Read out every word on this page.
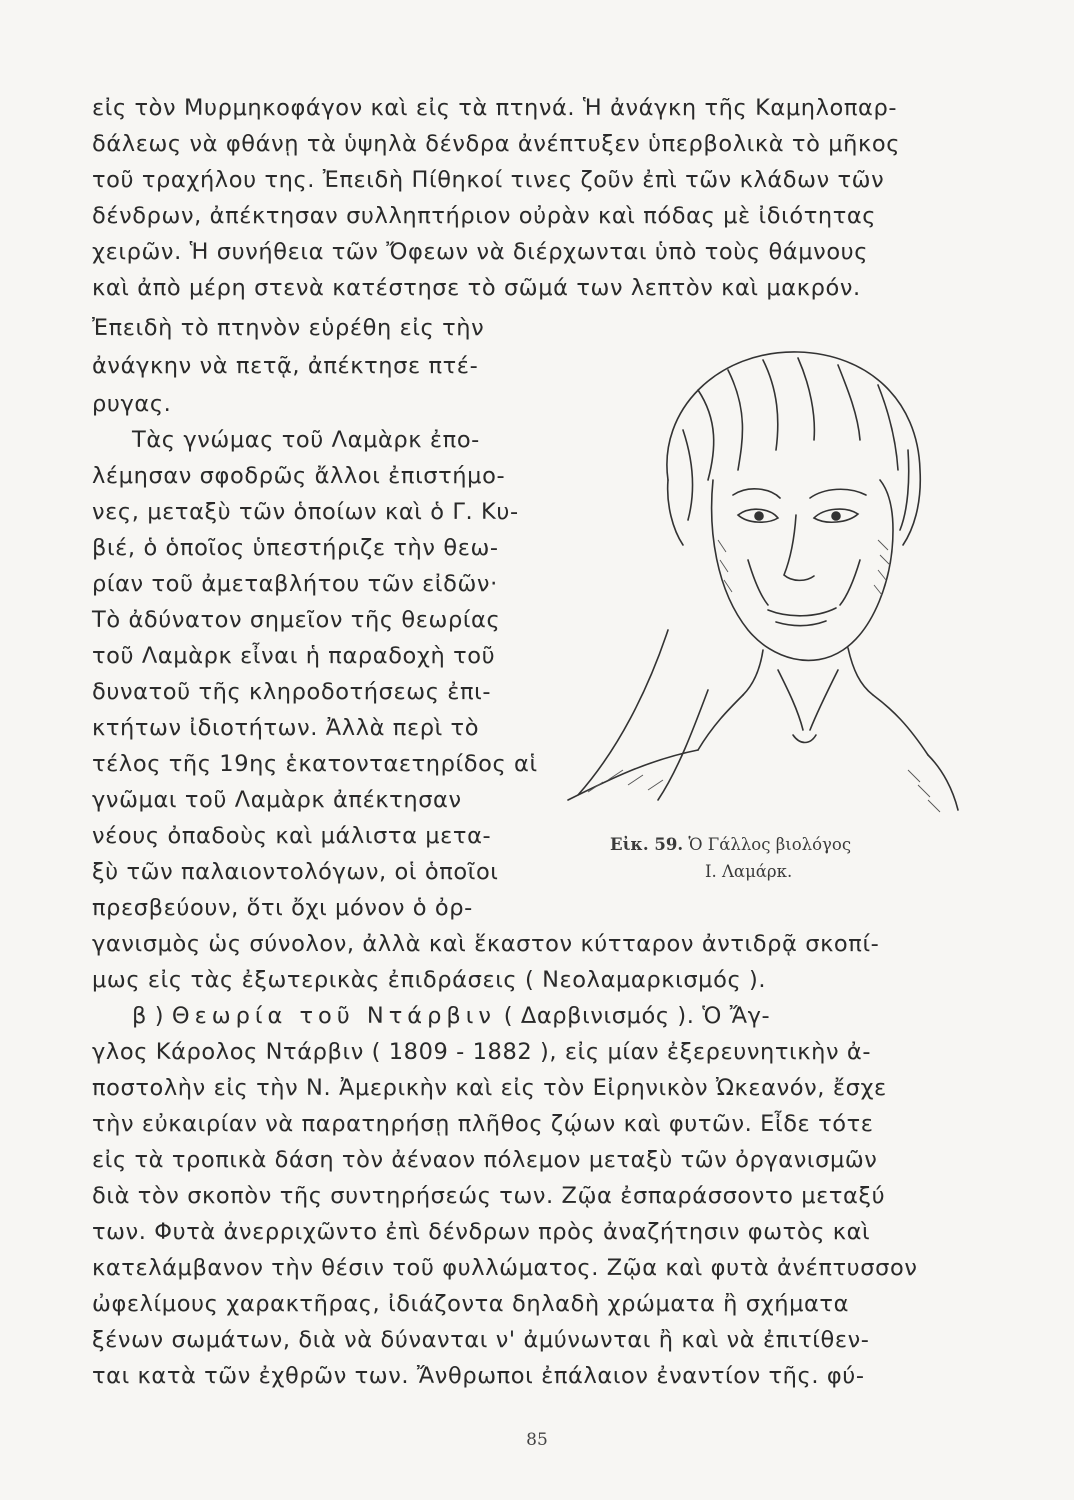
εἰς τὸν Μυρμηκοφάγον καὶ εἰς τὰ πτηνά. Ἡ ἀνάγκη τῆς Καμηλοπαρ-
δάλεως νὰ φθάνῃ τὰ ὑψηλὰ δένδρα ἀνέπτυξεν ὑπερβολικὰ τὸ μῆκος
τοῦ τραχήλου της. Ἐπειδὴ Πίθηκοί τινες ζοῦν ἐπὶ τῶν κλάδων τῶν
δένδρων, ἀπέκτησαν συλληπτήριον οὐρὰν καὶ πόδας μὲ ἰδιότητας
χειρῶν. Ἡ συνήθεια τῶν Ὄφεων νὰ διέρχωνται ὑπὸ τοὺς θάμνους
καὶ ἀπὸ μέρη στενὰ κατέστησε τὸ σῶμά των λεπτὸν καὶ μακρόν.
Ἐπειδὴ τὸ πτηνὸν εὑρέθη εἰς τὴν
ἀνάγκην νὰ πετᾷ, ἀπέκτησε πτέ-
ρυγας.
Τὰς γνώμας τοῦ Λαμὰρκ ἐπο-
λέμησαν σφοδρῶς ἄλλοι ἐπιστήμο-
νες, μεταξὺ τῶν ὁποίων καὶ ὁ Γ. Κυ-
βιέ, ὁ ὁποῖος ὑπεστήριζε τὴν θεω-
ρίαν τοῦ ἀμεταβλήτου τῶν εἰδῶν·
Τὸ ἀδύνατον σημεῖον τῆς θεωρίας
τοῦ Λαμὰρκ εἶναι ἡ παραδοχὴ τοῦ
δυνατοῦ τῆς κληροδοτήσεως ἐπι-
κτήτων ἰδιοτήτων. Ἀλλὰ περὶ τὸ
τέλος τῆς 19ης ἑκατονταετηρίδος αἱ
γνῶμαι τοῦ Λαμὰρκ ἀπέκτησαν
νέους ὀπαδοὺς καὶ μάλιστα μετα-
ξὺ τῶν παλαιοντολόγων, οἱ ὁποῖοι
πρεσβεύουν, ὅτι ὄχι μόνον ὁ ὀρ-
Εἰκ. 59. Ὁ Γάλλος βιολόγος
Ι. Λαμάρκ.
γανισμὸς ὡς σύνολον, ἀλλὰ καὶ ἕκαστον κύτταρον ἀντιδρᾷ σκοπί-
μως εἰς τὰς ἐξωτερικὰς ἐπιδράσεις ( Νεολαμαρκισμός ).
β ) Θεωρία τοῦ Ντάρβιν ( Δαρβινισμός ). Ὁ Ἄγ-
γλος Κάρολος Ντάρβιν ( 1809 - 1882 ), εἰς μίαν ἐξερευνητικὴν ἀ-
ποστολὴν εἰς τὴν Ν. Ἀμερικὴν καὶ εἰς τὸν Εἰρηνικὸν Ὠκεανόν, ἔσχε
τὴν εὐκαιρίαν νὰ παρατηρήσῃ πλῆθος ζῴων καὶ φυτῶν. Εἶδε τότε
εἰς τὰ τροπικὰ δάση τὸν ἀέναον πόλεμον μεταξὺ τῶν ὀργανισμῶν
διὰ τὸν σκοπὸν τῆς συντηρήσεώς των. Ζῷα ἐσπαράσσοντο μεταξύ
των. Φυτὰ ἀνερριχῶντο ἐπὶ δένδρων πρὸς ἀναζήτησιν φωτὸς καὶ
κατελάμβανον τὴν θέσιν τοῦ φυλλώματος. Ζῷα καὶ φυτὰ ἀνέπτυσσον
ὠφελίμους χαρακτῆρας, ἰδιάζοντα δηλαδὴ χρώματα ἢ σχήματα
ξένων σωμάτων, διὰ νὰ δύνανται ν' ἀμύνωνται ἢ καὶ νὰ ἐπιτίθεν-
ται κατὰ τῶν ἐχθρῶν των. Ἄνθρωποι ἐπάλαιον ἐναντίον τῆς. φύ-
85
